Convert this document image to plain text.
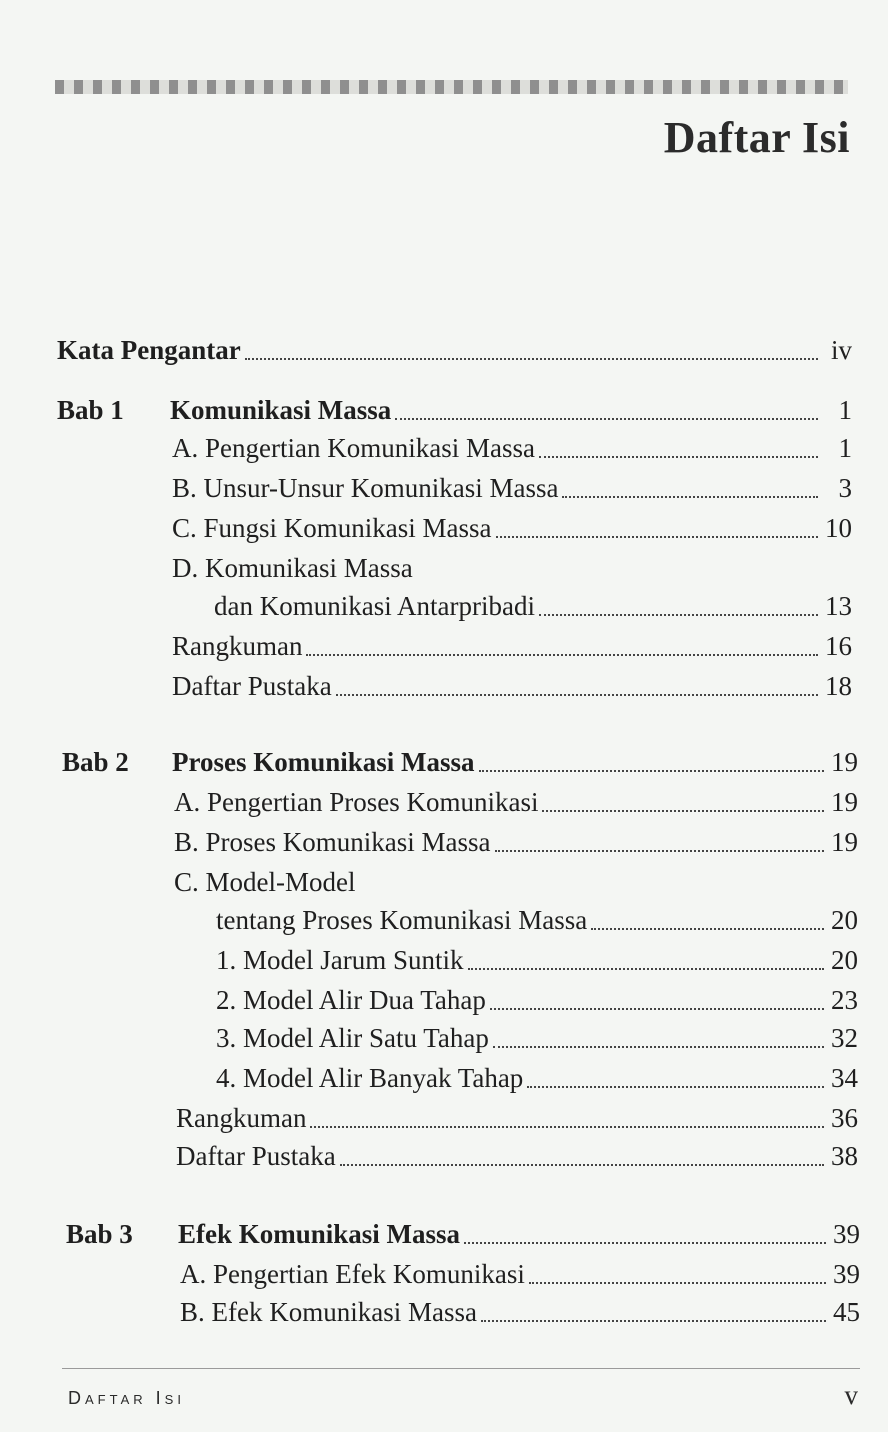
Daftar Isi
Kata Pengantar	iv
Bab 1 Komunikasi Massa	1
A. Pengertian Komunikasi Massa	1
B. Unsur-Unsur Komunikasi Massa	3
C. Fungsi Komunikasi Massa	10
D. Komunikasi Massa
dan Komunikasi Antarpribadi	13
Rangkuman	16
Daftar Pustaka	18
Bab 2 Proses Komunikasi Massa	19
A. Pengertian Proses Komunikasi	19
B. Proses Komunikasi Massa	19
C. Model-Model
tentang Proses Komunikasi Massa	20
1. Model Jarum Suntik	20
2. Model Alir Dua Tahap	23
3. Model Alir Satu Tahap	32
4. Model Alir Banyak Tahap	34
Rangkuman	36
Daftar Pustaka	38
Bab 3 Efek Komunikasi Massa	39
A. Pengertian Efek Komunikasi	39
B. Efek Komunikasi Massa	45
Daftar Isi	v
